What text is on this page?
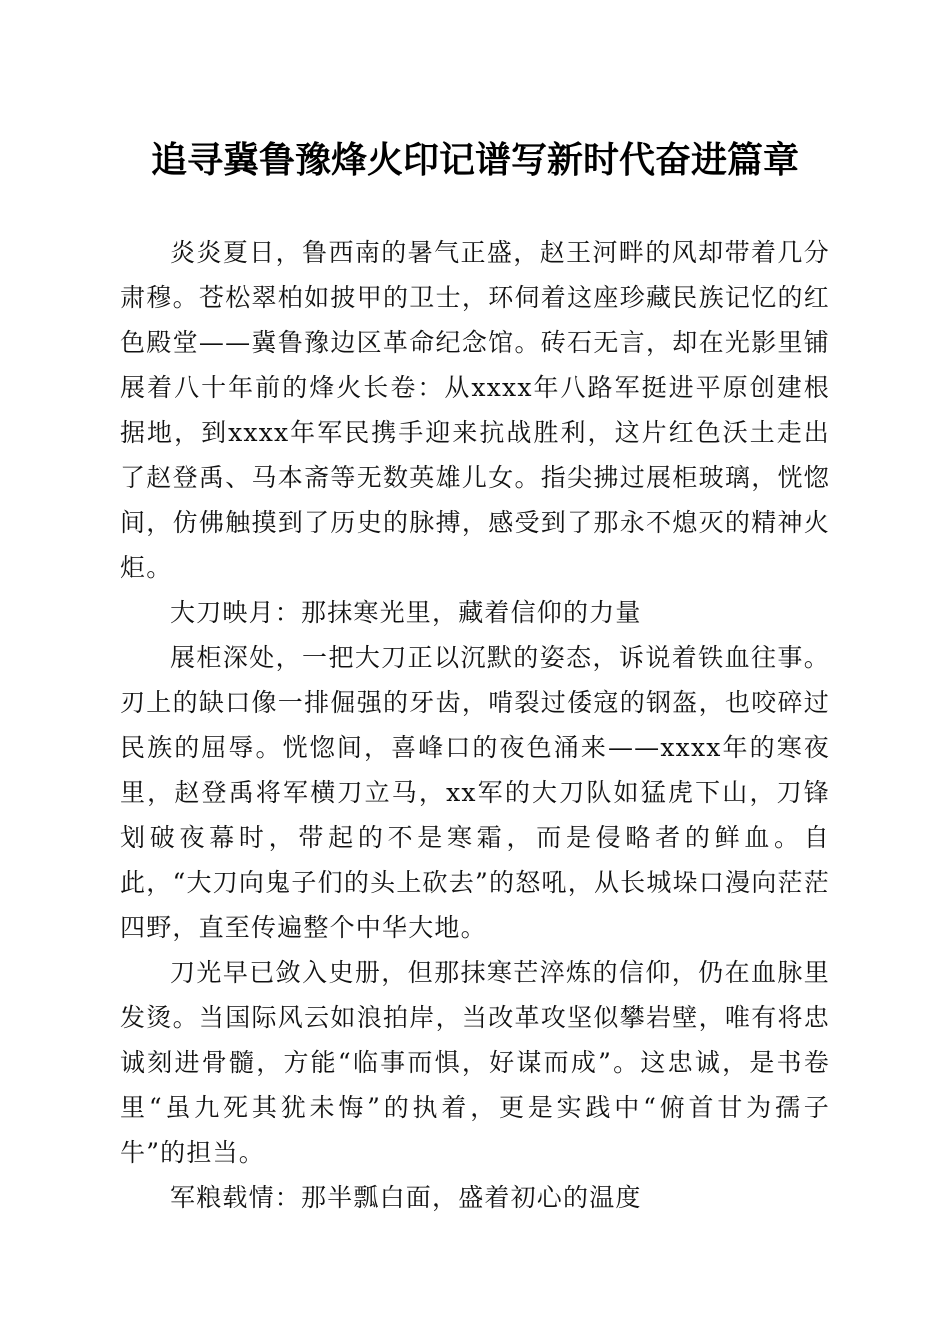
追寻冀鲁豫烽火印记谱写新时代奋进篇章

炎炎夏日，鲁西南的暑气正盛，赵王河畔的风却带着几分肃穆。苍松翠柏如披甲的卫士，环伺着这座珍藏民族记忆的红色殿堂——冀鲁豫边区革命纪念馆。砖石无言，却在光影里铺展着八十年前的烽火长卷：从xxxx年八路军挺进平原创建根据地，到xxxx年军民携手迎来抗战胜利，这片红色沃土走出了赵登禹、马本斋等无数英雄儿女。指尖拂过展柜玻璃，恍惚间，仿佛触摸到了历史的脉搏，感受到了那永不熄灭的精神火炬。

大刀映月：那抹寒光里，藏着信仰的力量

展柜深处，一把大刀正以沉默的姿态，诉说着铁血往事。刃上的缺口像一排倔强的牙齿，啃裂过倭寇的钢盔，也咬碎过民族的屈辱。恍惚间，喜峰口的夜色涌来——xxxx年的寒夜里，赵登禹将军横刀立马，xx军的大刀队如猛虎下山，刀锋划破夜幕时，带起的不是寒霜，而是侵略者的鲜血。自此，“大刀向鬼子们的头上砍去”的怒吼，从长城垛口漫向茫茫四野，直至传遍整个中华大地。

刀光早已敛入史册，但那抹寒芒淬炼的信仰，仍在血脉里发烫。当国际风云如浪拍岸，当改革攻坚似攀岩壁，唯有将忠诚刻进骨髓，方能“临事而惧，好谋而成”。这忠诚，是书卷里“虽九死其犹未悔”的执着，更是实践中“俯首甘为孺子牛”的担当。

军粮载情：那半瓢白面，盛着初心的温度
